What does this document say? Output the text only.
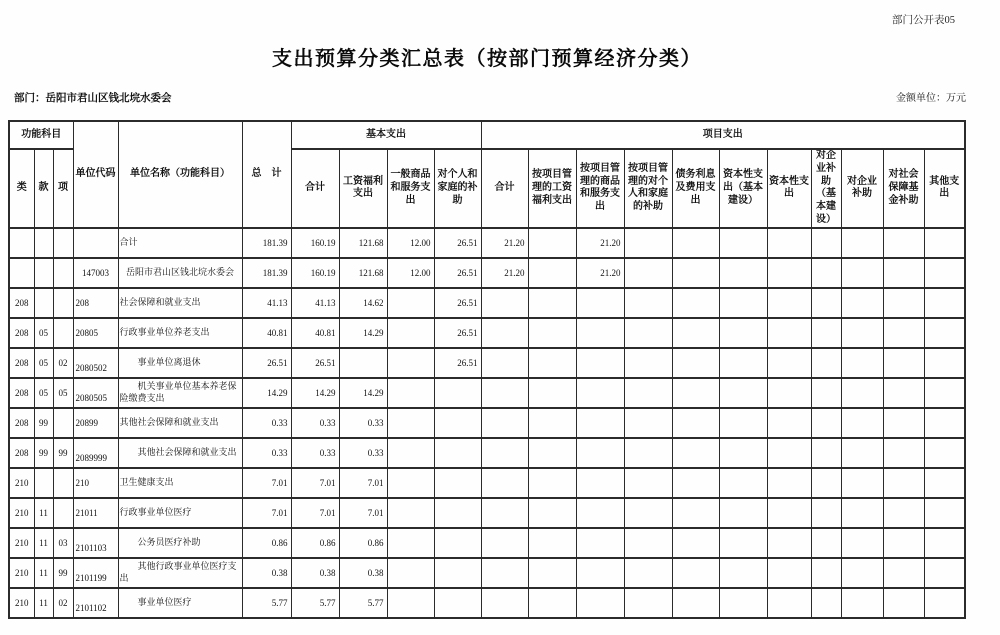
部门公开表05
支出预算分类汇总表（按部门预算经济分类）
部门：岳阳市君山区钱北垸水委会	金额单位：万元
功能科目			单位代码	单位名称（功能科目）	总　计	基本支出				项目支出										
类	款	项				合计	工资福利支出	一般商品和服务支出	对个人和家庭的补助	合计	按项目管理的工资福利支出	按项目管理的商品和服务支出	按项目管理的对个人和家庭的补助	债务利息及费用支出	资本性支出（基本建设）	资本性支出	对企业补助（基本建设）	对企业补助	对社会保障基金补助	其他支出
				合计	181.39	160.19	121.68	12.00	26.51	21.20		21.20								
			147003	岳阳市君山区钱北垸水委会	181.39	160.19	121.68	12.00	26.51	21.20		21.20								
208			208	社会保障和就业支出	41.13	41.13	14.62		26.51											
208	05		20805	行政事业单位养老支出	40.81	40.81	14.29		26.51											
208	05	02	2080502	事业单位离退休	26.51	26.51			26.51											
208	05	05	2080505	机关事业单位基本养老保险缴费支出	14.29	14.29	14.29													
208	99		20899	其他社会保障和就业支出	0.33	0.33	0.33													
208	99	99	2089999	其他社会保障和就业支出	0.33	0.33	0.33													
210			210	卫生健康支出	7.01	7.01	7.01													
210	11		21011	行政事业单位医疗	7.01	7.01	7.01													
210	11	03	2101103	公务员医疗补助	0.86	0.86	0.86													
210	11	99	2101199	其他行政事业单位医疗支出	0.38	0.38	0.38													
210	11	02	2101102	事业单位医疗	5.77	5.77	5.77													
